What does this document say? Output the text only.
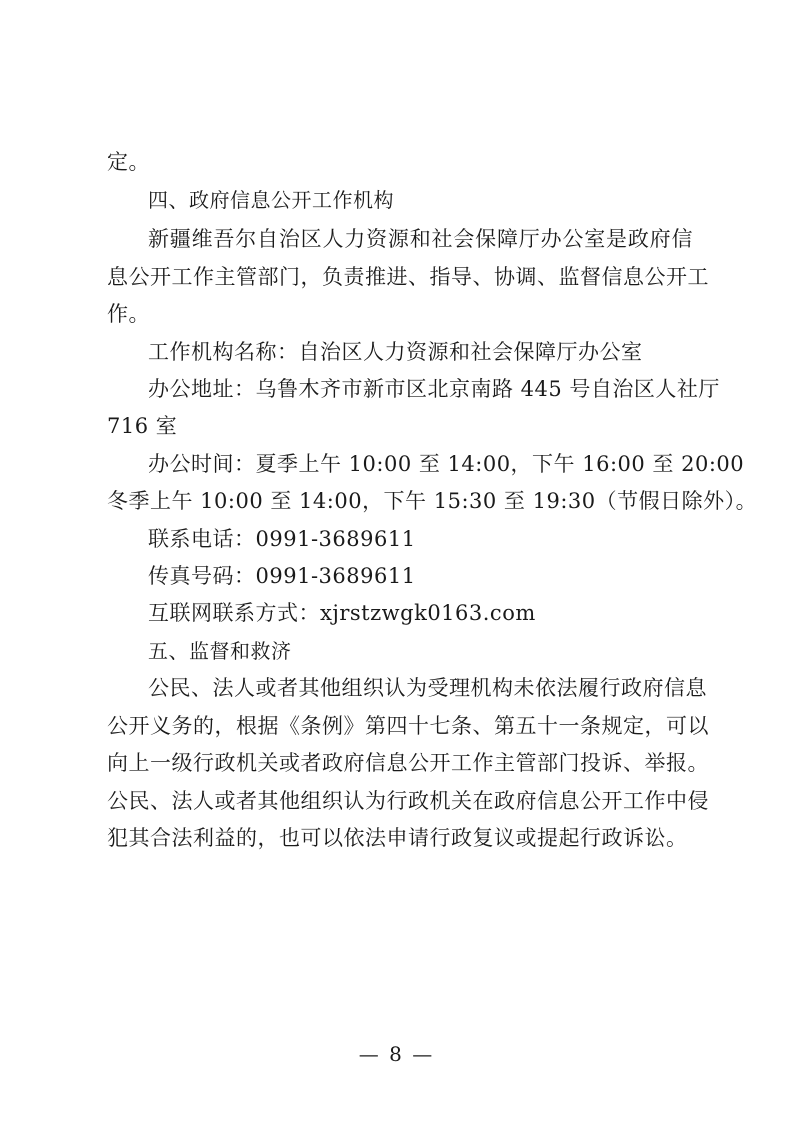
定。
四、政府信息公开工作机构
新疆维吾尔自治区人力资源和社会保障厅办公室是政府信
息公开工作主管部门，负责推进、指导、协调、监督信息公开工
作。
工作机构名称：自治区人力资源和社会保障厅办公室
办公地址：乌鲁木齐市新市区北京南路 445 号自治区人社厅
716 室
办公时间：夏季上午 10:00 至 14:00，下午 16:00 至 20:00
冬季上午 10:00 至 14:00，下午 15:30 至 19:30（节假日除外）。
联系电话：0991-3689611
传真号码：0991-3689611
互联网联系方式：xjrstzwgk0163.com
五、监督和救济
公民、法人或者其他组织认为受理机构未依法履行政府信息
公开义务的，根据《条例》第四十七条、第五十一条规定，可以
向上一级行政机关或者政府信息公开工作主管部门投诉、举报。
公民、法人或者其他组织认为行政机关在政府信息公开工作中侵
犯其合法利益的，也可以依法申请行政复议或提起行政诉讼。
— 8 —
